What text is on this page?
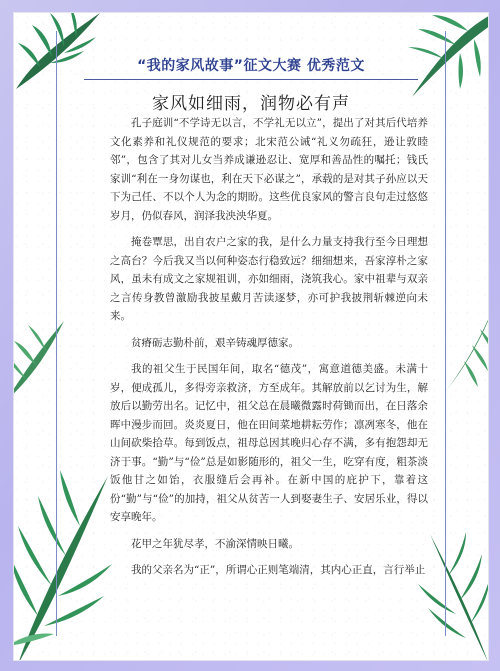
“我的家风故事”征文大赛 优秀范文
家风如细雨，润物必有声

孔子庭训“不学诗无以言，不学礼无以立”，提出了对其后代培养文化素养和礼仪规范的要求；北宋范公诫“礼义勿疏狂，逊让敦睦邻”，包含了其对儿女当养成谦逊忍让、宽厚和善品性的嘱托；钱氏家训“利在一身勿谋也，利在天下必谋之”，承载的是对其子孙应以天下为己任、不以个人为念的期盼。这些优良家风的警言良句走过悠悠岁月，仍似春风，润泽我泱泱华夏。

掩卷覃思，出自农户之家的我，是什么力量支持我行至今日理想之高台？今后我又当以何种姿态行稳致远？细细想来，吾家淳朴之家风，虽未有成文之家规祖训，亦如细雨，浇筑我心。家中祖辈与双亲之言传身教曾激励我披星戴月苦读逐梦，亦可护我披荆斩棘逆向未来。

贫瘠砺志勤朴前，艰辛铸魂厚德家。

我的祖父生于民国年间，取名“德茂”，寓意道德美盛。未满十岁，便成孤儿，多得旁亲救济，方至成年。其解放前以乞讨为生，解放后以勤劳出名。记忆中，祖父总在晨曦微露时荷锄而出，在日落余晖中漫步而回。炎炎夏日，他在田间菜地耕耘劳作；凛冽寒冬，他在山间砍柴拾草。每到饭点，祖母总因其晚归心存不满，多有抱怨却无济于事。“勤”与“俭”总是如影随形的，祖父一生，吃穿有度，粗茶淡饭他甘之如饴，衣服缝后会再补。在新中国的庇护下，靠着这份“勤”与“俭”的加持，祖父从贫苦一人到娶妻生子、安居乐业，得以安享晚年。

花甲之年犹尽孝，不渝深情映日曦。

我的父亲名为“正”，所谓心正则笔端清，其内心正直，言行举止
